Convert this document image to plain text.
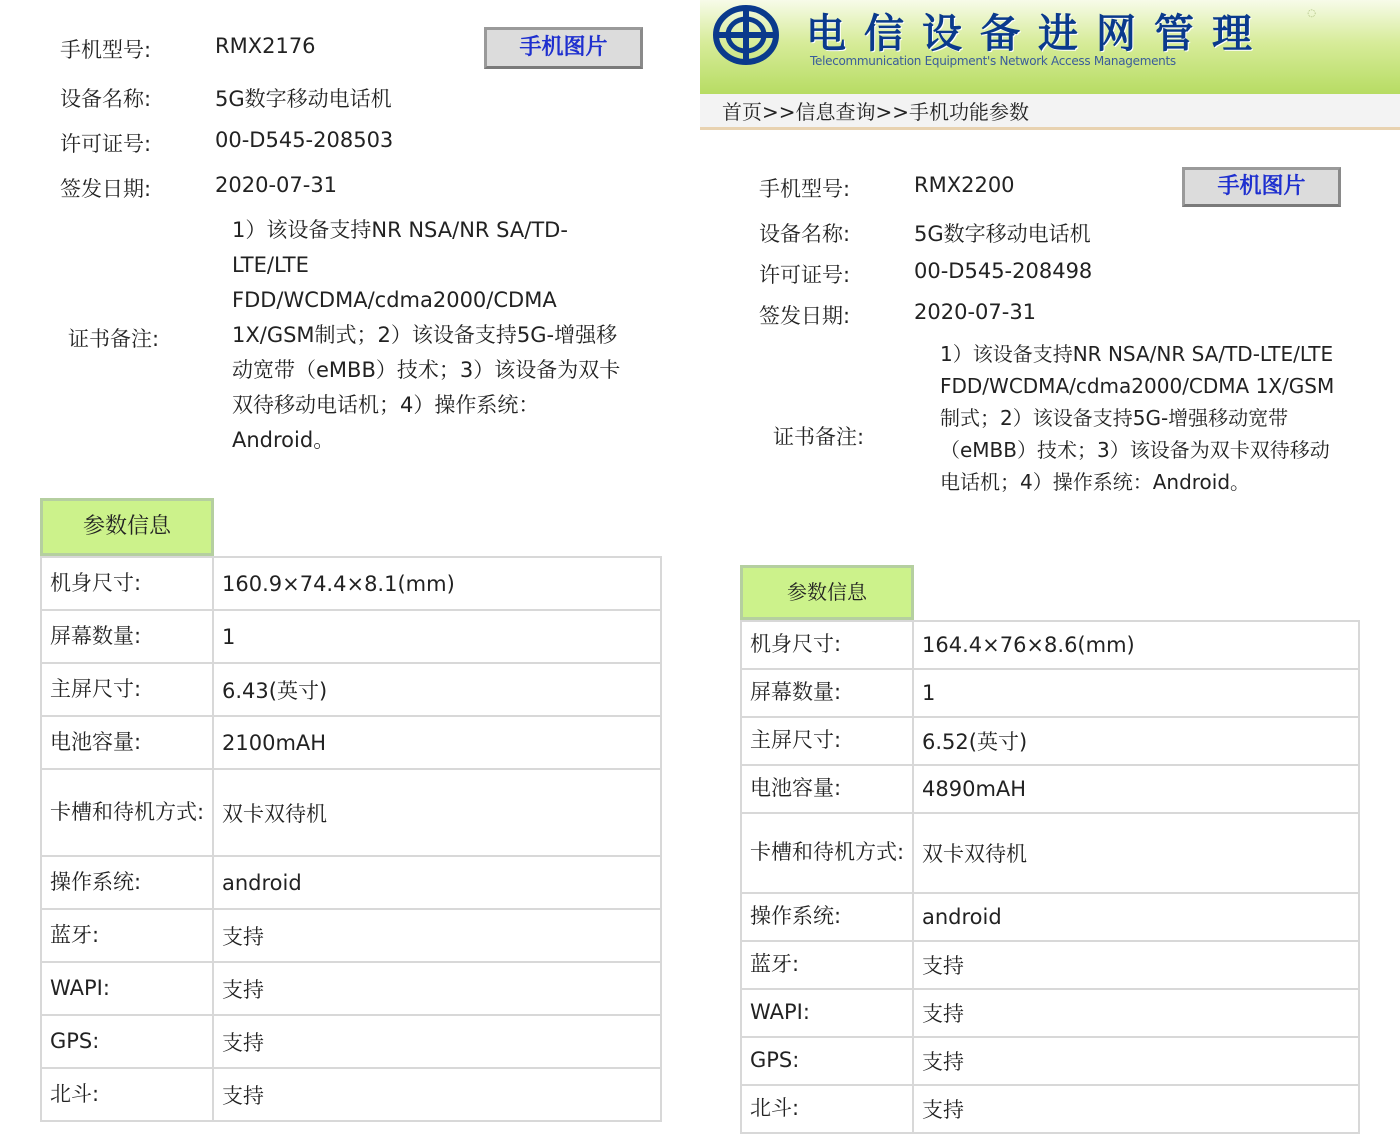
手机型号:	RMX2176
设备名称:	5G数字移动电话机
许可证号:	00-D545-208503
签发日期:	2020-07-31
手机图片
证书备注:
1）该设备支持NR NSA/NR SA/TD-LTE/LTE FDD/WCDMA/cdma2000/CDMA 1X/GSM制式；2）该设备支持5G-增强移动宽带（eMBB）技术；3）该设备为双卡双待移动电话机；4）操作系统：Android。
参数信息
机身尺寸:	160.9×74.4×8.1(mm)
屏幕数量:	1
主屏尺寸:	6.43(英寸)
电池容量:	2100mAH
卡槽和待机方式:	双卡双待机
操作系统:	android
蓝牙:	支持
WAPI:	支持
GPS:	支持
北斗:	支持
电信设备进网管理
Telecommunication Equipment's Network Access Managements
◌
首页>>信息查询>>手机功能参数
手机型号:	RMX2200
设备名称:	5G数字移动电话机
许可证号:	00-D545-208498
签发日期:	2020-07-31
手机图片
证书备注:
1）该设备支持NR NSA/NR SA/TD-LTE/LTE FDD/WCDMA/cdma2000/CDMA 1X/GSM制式；2）该设备支持5G-增强移动宽带（eMBB）技术；3）该设备为双卡双待移动电话机；4）操作系统：Android。
参数信息
机身尺寸:	164.4×76×8.6(mm)
屏幕数量:	1
主屏尺寸:	6.52(英寸)
电池容量:	4890mAH
卡槽和待机方式:	双卡双待机
操作系统:	android
蓝牙:	支持
WAPI:	支持
GPS:	支持
北斗:	支持
